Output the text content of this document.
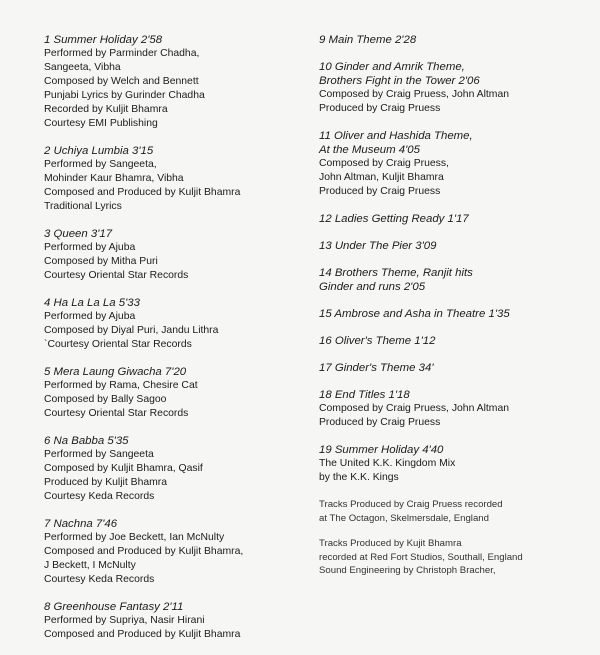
1 Summer Holiday 2'58
Performed by Parminder Chadha,
Sangeeta, Vibha
Composed by Welch and Bennett
Punjabi Lyrics by Gurinder Chadha
Recorded by Kuljit Bhamra
Courtesy EMI Publishing
2 Uchiya Lumbia 3'15
Performed by Sangeeta,
Mohinder Kaur Bhamra, Vibha
Composed and Produced by Kuljit Bhamra
Traditional Lyrics
3 Queen 3'17
Performed by Ajuba
Composed by Mitha Puri
Courtesy Oriental Star Records
4 Ha La La La 5'33
Performed by Ajuba
Composed by Diyal Puri, Jandu Lithra
`Courtesy Oriental Star Records
5 Mera Laung Giwacha 7'20
Performed by Rama, Chesire Cat
Composed by Bally Sagoo
Courtesy Oriental Star Records
6 Na Babba 5'35
Performed by Sangeeta
Composed by Kuljit Bhamra, Qasif
Produced by Kuljit Bhamra
Courtesy Keda Records
7 Nachna 7'46
Performed by Joe Beckett, Ian McNulty
Composed and Produced by Kuljit Bhamra,
J Beckett, I McNulty
Courtesy Keda Records
8 Greenhouse Fantasy 2'11
Performed by Supriya, Nasir Hirani
Composed and Produced by Kuljit Bhamra
9 Main Theme 2'28
10 Ginder and Amrik Theme,
Brothers Fight in the Tower 2'06
Composed by Craig Pruess, John Altman
Produced by Craig Pruess
11 Oliver and Hashida Theme,
At the Museum 4'05
Composed by Craig Pruess,
John Altman, Kuljit Bhamra
Produced by Craig Pruess
12 Ladies Getting Ready 1'17
13 Under The Pier 3'09
14 Brothers Theme, Ranjit hits
Ginder and runs 2'05
15 Ambrose and Asha in Theatre 1'35
16 Oliver's Theme 1'12
17 Ginder's Theme 34'
18 End Titles 1'18
Composed by Craig Pruess, John Altman
Produced by Craig Pruess
19 Summer Holiday 4'40
The United K.K. Kingdom Mix
by the K.K. Kings
Tracks Produced by Craig Pruess recorded
at The Octagon, Skelmersdale, England
Tracks Produced by Kujit Bhamra
recorded at Red Fort Studios, Southall, England
Sound Engineering by Christoph Bracher,
